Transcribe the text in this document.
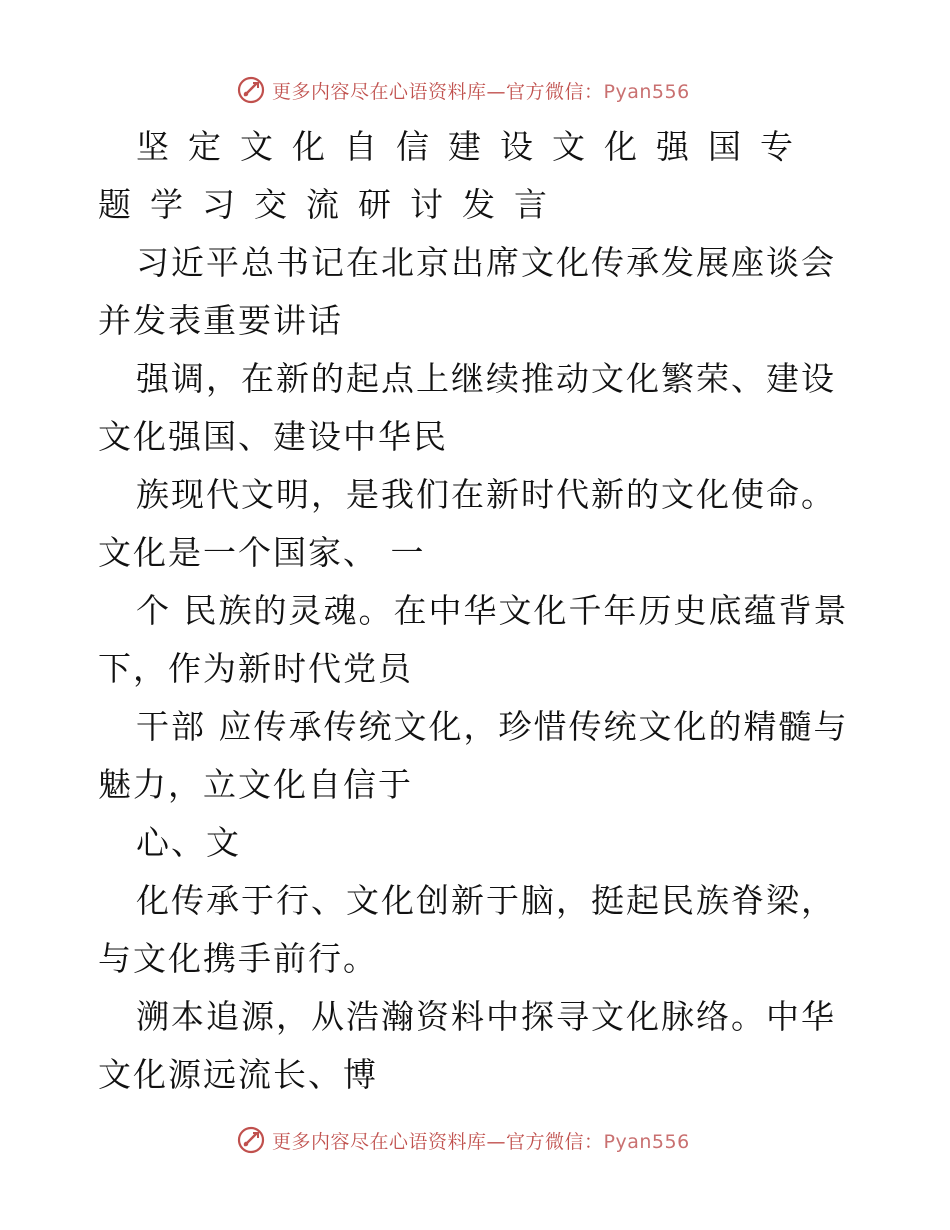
更多内容尽在心语资料库—官方微信：Pyan556
坚定文化自信建设文化强国专题学习交流研讨发言

习近平总书记在北京出席文化传承发展座谈会并发表重要讲话

强调，在新的起点上继续推动文化繁荣、建设文化强国、建设中华民

族现代文明，是我们在新时代新的文化使命。文化是一个国家、 一

个 民族的灵魂。在中华文化千年历史底蕴背景下，作为新时代党员

干部 应传承传统文化，珍惜传统文化的精髓与魅力，立文化自信于

心、文

化传承于行、文化创新于脑，挺起民族脊梁，与文化携手前行。

溯本追源，从浩瀚资料中探寻文化脉络。中华文化源远流长、博

更多内容尽在心语资料库—官方微信：Pyan556
